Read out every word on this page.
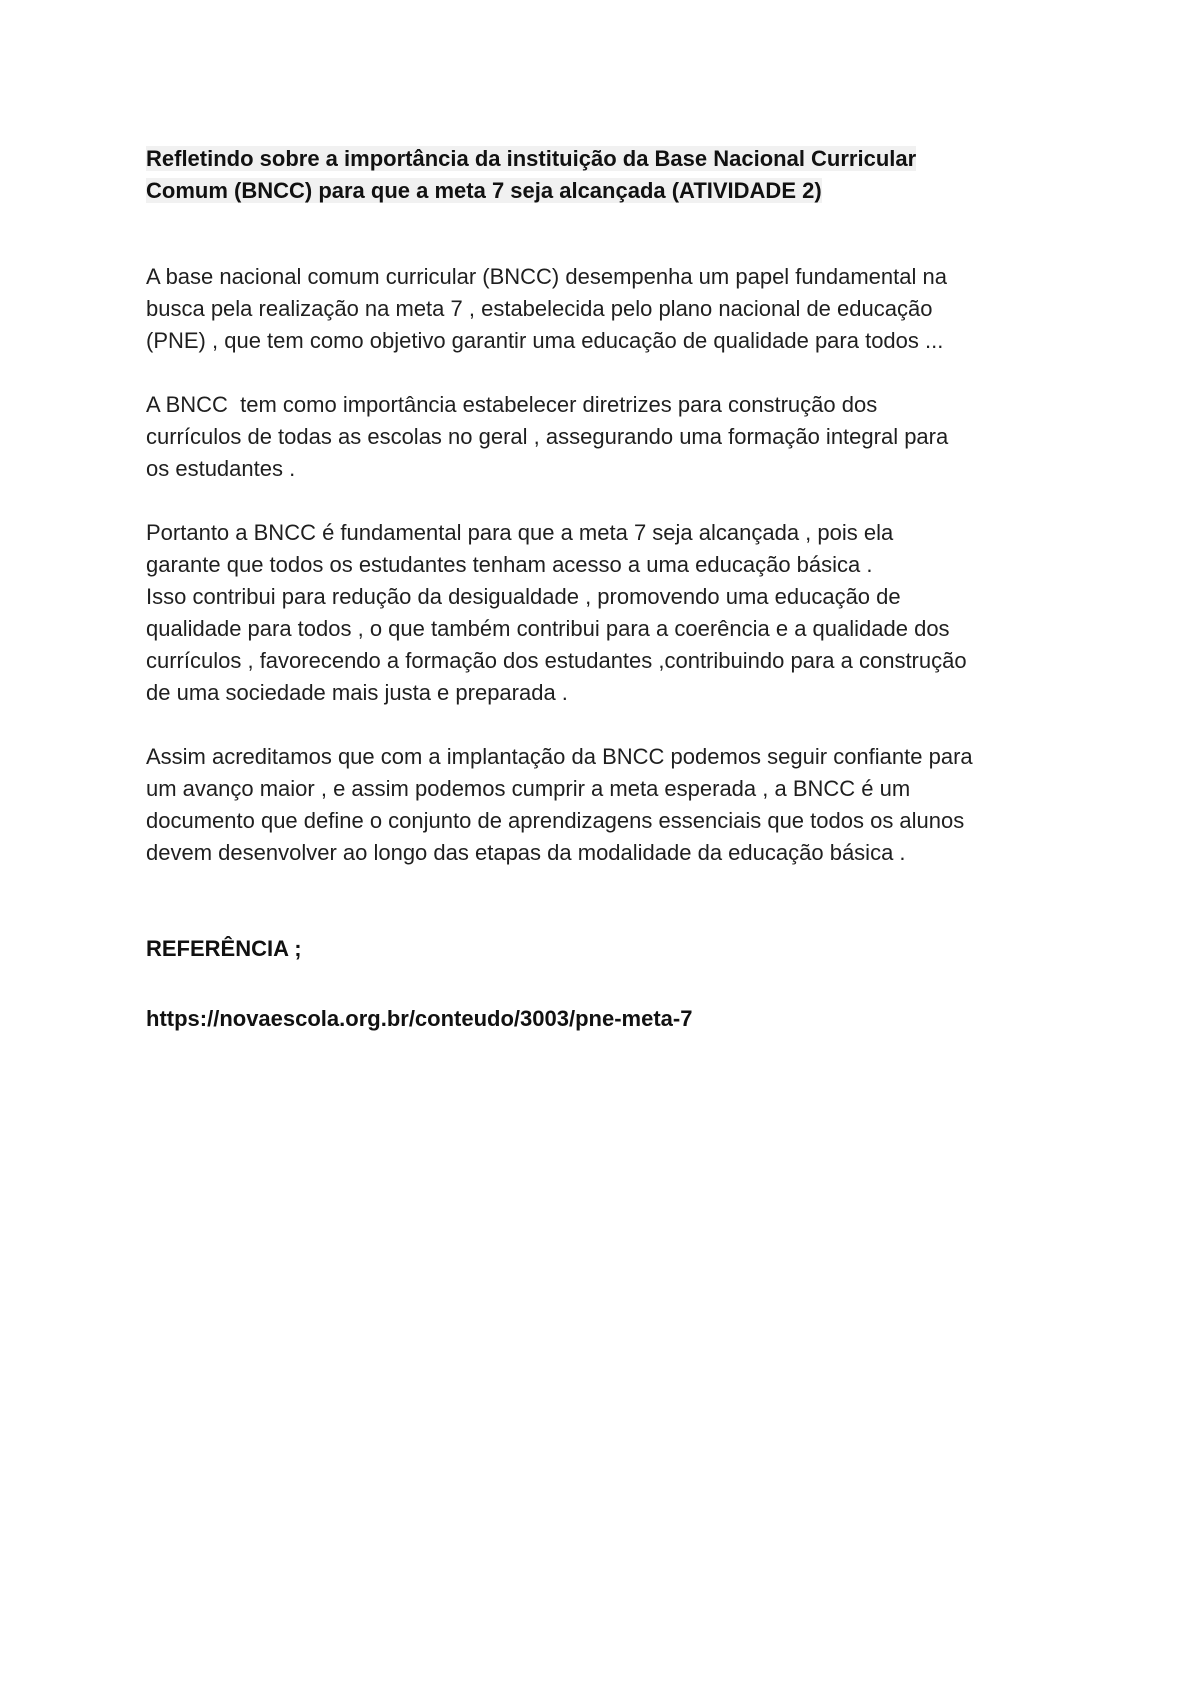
Refletindo sobre a importância da instituição da Base Nacional Curricular
Comum (BNCC) para que a meta 7 seja alcançada (ATIVIDADE 2)

A base nacional comum curricular (BNCC) desempenha um papel fundamental na
busca pela realização na meta 7 , estabelecida pelo plano nacional de educação
(PNE) , que tem como objetivo garantir uma educação de qualidade para todos ...

A BNCC  tem como importância estabelecer diretrizes para construção dos
currículos de todas as escolas no geral , assegurando uma formação integral para
os estudantes .

Portanto a BNCC é fundamental para que a meta 7 seja alcançada , pois ela
garante que todos os estudantes tenham acesso a uma educação básica .
Isso contribui para redução da desigualdade , promovendo uma educação de
qualidade para todos , o que também contribui para a coerência e a qualidade dos
currículos , favorecendo a formação dos estudantes ,contribuindo para a construção
de uma sociedade mais justa e preparada .

Assim acreditamos que com a implantação da BNCC podemos seguir confiante para
um avanço maior , e assim podemos cumprir a meta esperada , a BNCC é um
documento que define o conjunto de aprendizagens essenciais que todos os alunos
devem desenvolver ao longo das etapas da modalidade da educação básica .

REFERÊNCIA ;

https://novaescola.org.br/conteudo/3003/pne-meta-7
